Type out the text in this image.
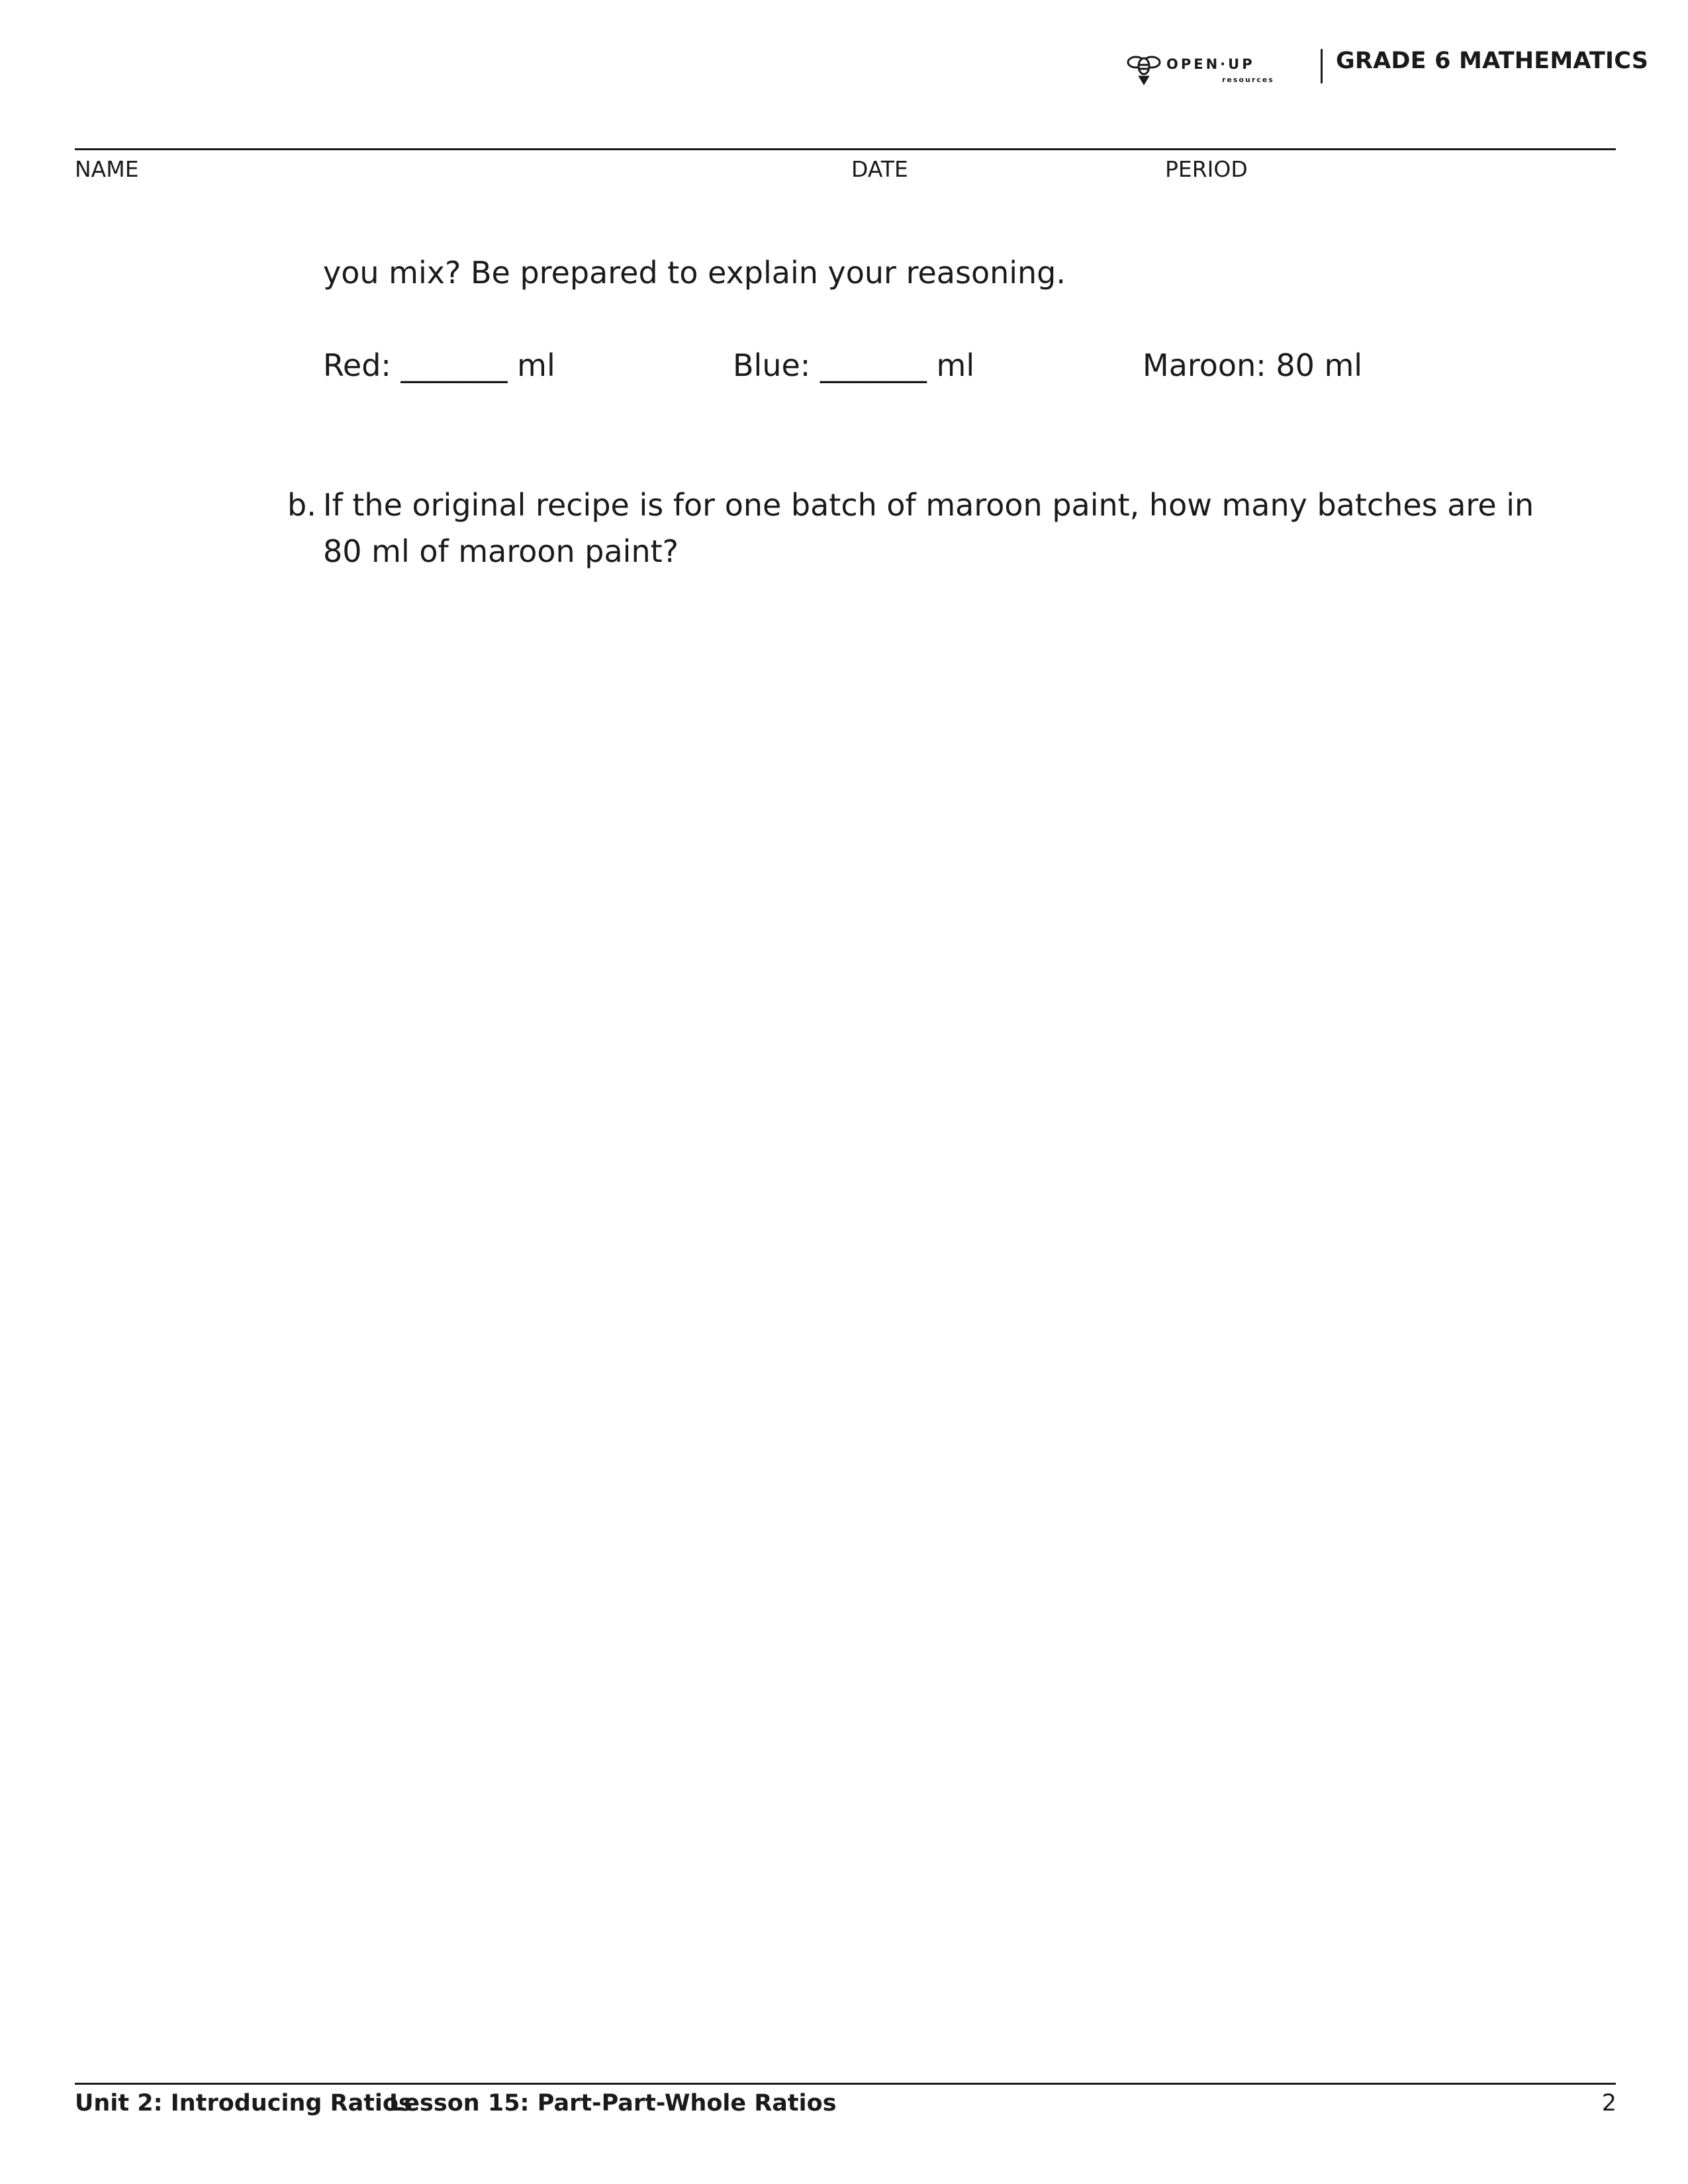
OPEN·UP
resources
GRADE 6 MATHEMATICS
NAME	DATE	PERIOD
you mix? Be prepared to explain your reasoning.
Red: _______ ml	Blue: _______ ml	Maroon: 80 ml
b. If the original recipe is for one batch of maroon paint, how many batches are in
80 ml of maroon paint?
Unit 2: Introducing Ratios
Lesson 15: Part-Part-Whole Ratios	2
